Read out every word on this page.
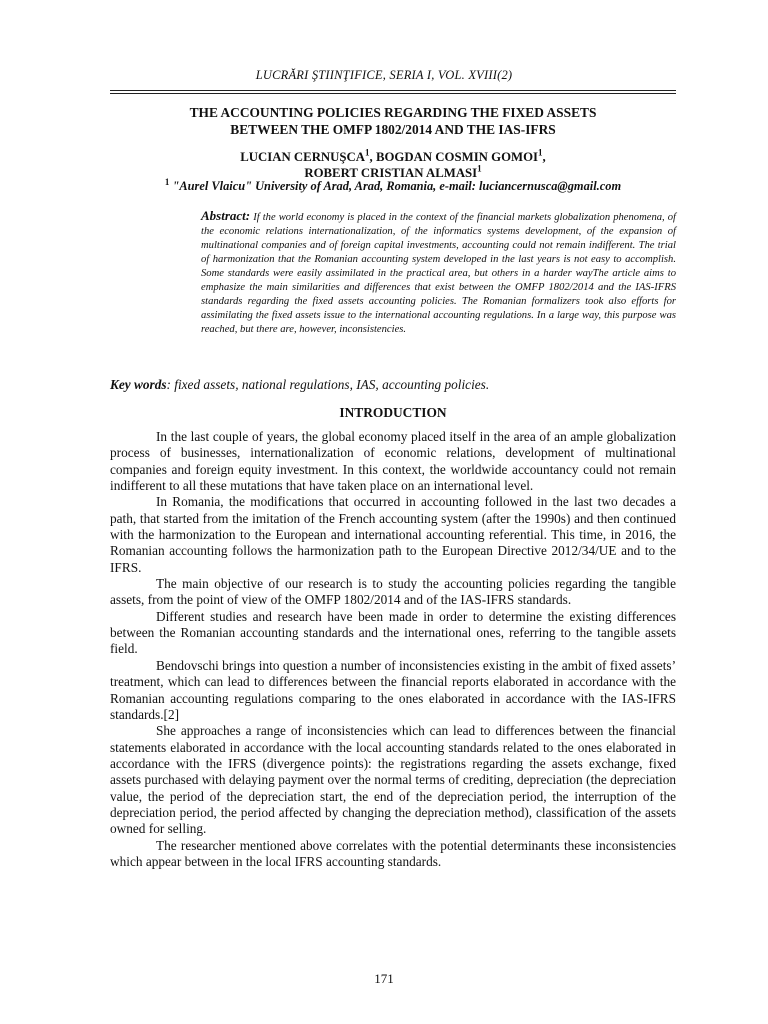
LUCRĂRI ŞTIINŢIFICE, SERIA I, VOL. XVIII(2)
THE ACCOUNTING POLICIES REGARDING THE FIXED ASSETS
BETWEEN THE OMFP 1802/2014 AND THE IAS-IFRS
LUCIAN CERNUŞCA$^1$, BOGDAN COSMIN GOMOI$^1$,
ROBERT CRISTIAN ALMASI$^1$
$^1$ "Aurel Vlaicu" University of Arad, Arad, Romania, e-mail: luciancernusca@gmail.com

Abstract: If the world economy is placed in the context of the financial markets globalization phenomena, of the economic relations internationalization, of the informatics systems development, of the expansion of multinational companies and of foreign capital investments, accounting could not remain indifferent. The trial of harmonization that the Romanian accounting system developed in the last years is not easy to accomplish. Some standards were easily assimilated in the practical area, but others in a harder wayThe article aims to emphasize the main similarities and differences that exist between the OMFP 1802/2014 and the IAS-IFRS standards regarding the fixed assets accounting policies. The Romanian formalizers took also efforts for assimilating the fixed assets issue to the international accounting regulations. In a large way, this purpose was reached, but there are, however, inconsistencies.

Key words: fixed assets, national regulations, IAS, accounting policies.

INTRODUCTION

In the last couple of years, the global economy placed itself in the area of an ample globalization process of businesses, internationalization of economic relations, development of multinational companies and foreign equity investment. In this context, the worldwide accountancy could not remain indifferent to all these mutations that have taken place on an international level.

In Romania, the modifications that occurred in accounting followed in the last two decades a path, that started from the imitation of the French accounting system (after the 1990s) and then continued with the harmonization to the European and international accounting referential. This time, in 2016, the Romanian accounting follows the harmonization path to the European Directive 2012/34/UE and to the IFRS.

The main objective of our research is to study the accounting policies regarding the tangible assets, from the point of view of the OMFP 1802/2014 and of the IAS-IFRS standards.

Different studies and research have been made in order to determine the existing differences between the Romanian accounting standards and the international ones, referring to the tangible assets field.

Bendovschi brings into question a number of inconsistencies existing in the ambit of fixed assets’ treatment, which can lead to differences between the financial reports elaborated in accordance with the Romanian accounting regulations comparing to the ones elaborated in accordance with the IAS-IFRS standards.[2]

She approaches a range of inconsistencies which can lead to differences between the financial statements elaborated in accordance with the local accounting standards related to the ones elaborated in accordance with the IFRS (divergence points): the registrations regarding the assets exchange, fixed assets purchased with delaying payment over the normal terms of crediting, depreciation (the depreciation value, the period of the depreciation start, the end of the depreciation period, the interruption of the depreciation period, the period affected by changing the depreciation method), classification of the assets owned for selling.

The researcher mentioned above correlates with the potential determinants these inconsistencies which appear between in the local IFRS accounting standards.

171
